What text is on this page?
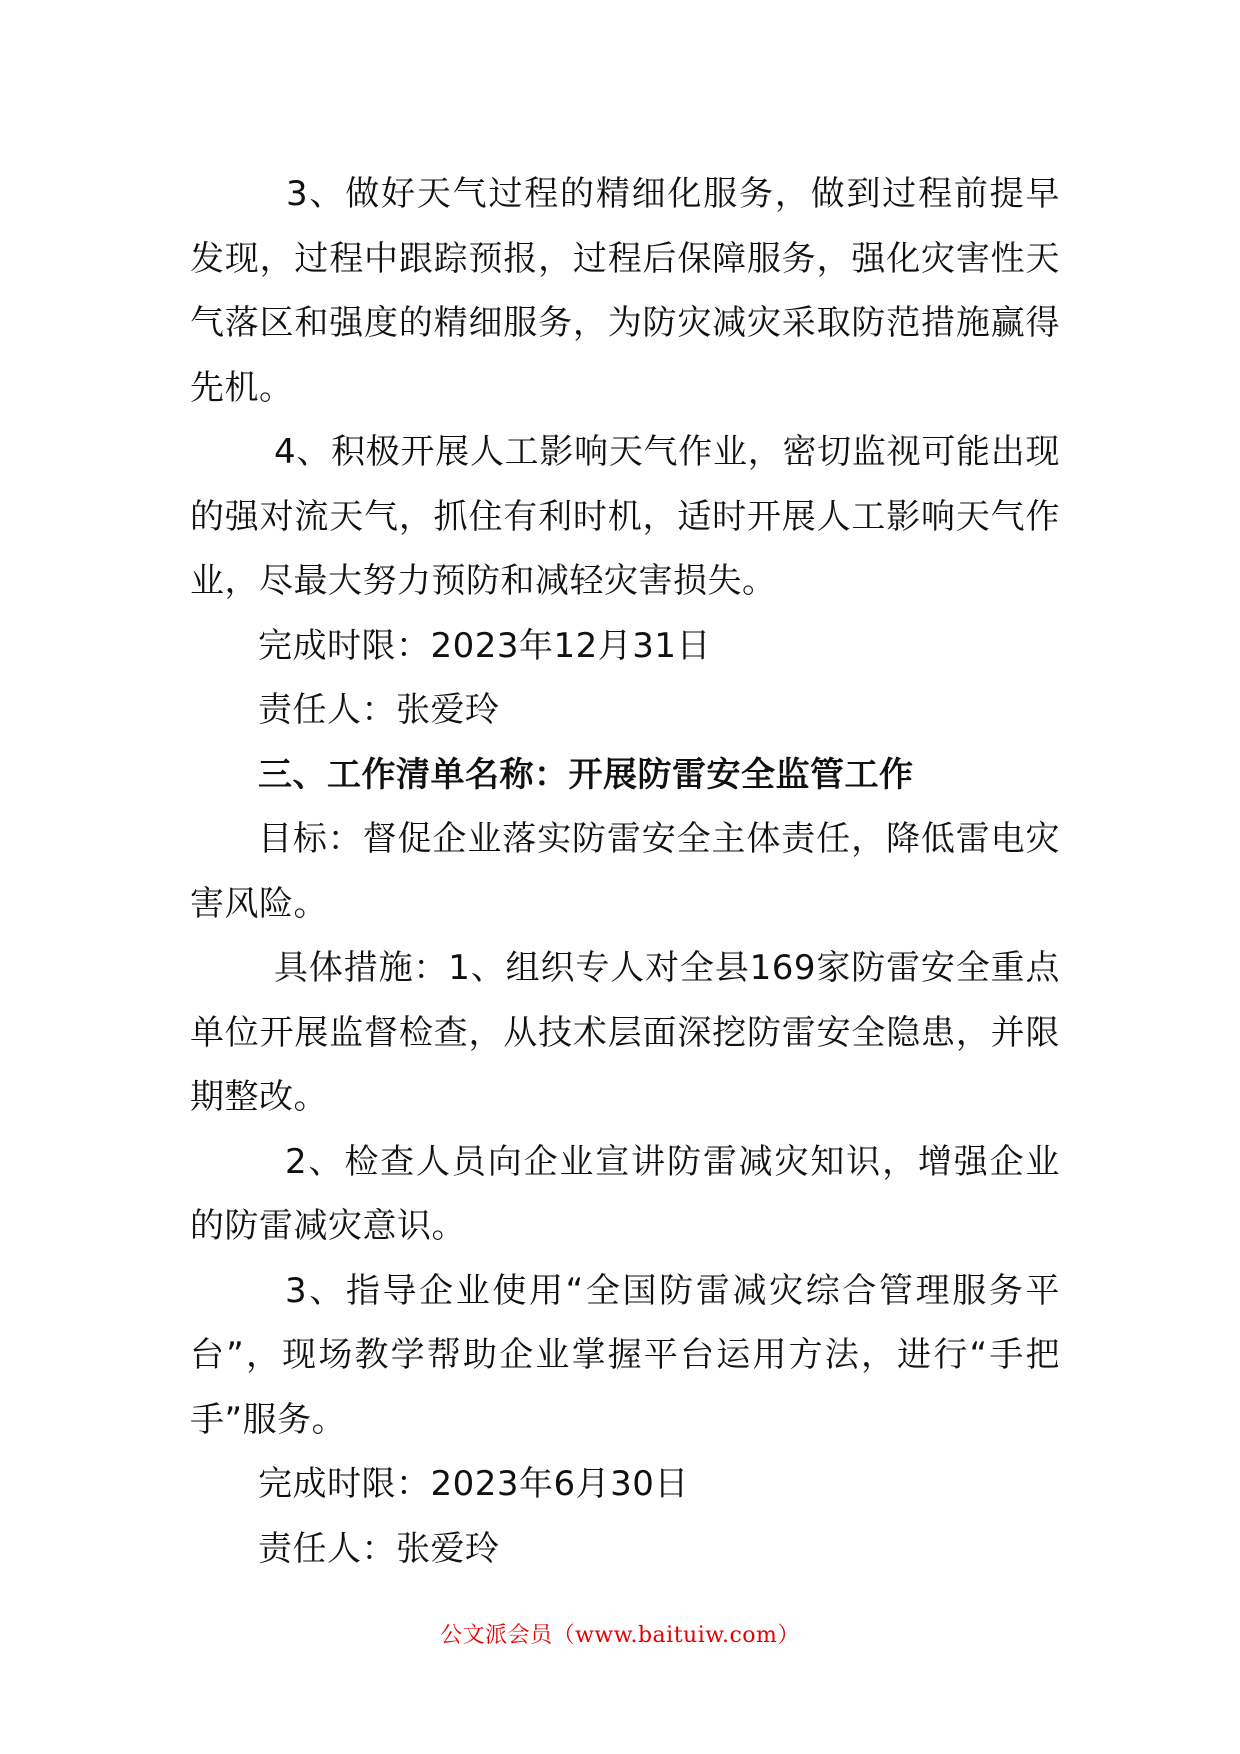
3、做好天气过程的精细化服务，做到过程前提早发现，过程中跟踪预报，过程后保障服务，强化灾害性天气落区和强度的精细服务，为防灾减灾采取防范措施赢得先机。

4、积极开展人工影响天气作业，密切监视可能出现的强对流天气，抓住有利时机，适时开展人工影响天气作业，尽最大努力预防和减轻灾害损失。

完成时限：2023年12月31日

责任人：张爱玲

三、工作清单名称：开展防雷安全监管工作

目标：督促企业落实防雷安全主体责任，降低雷电灾害风险。

具体措施：1、组织专人对全县169家防雷安全重点单位开展监督检查，从技术层面深挖防雷安全隐患，并限期整改。

2、检查人员向企业宣讲防雷减灾知识，增强企业的防雷减灾意识。

3、指导企业使用“全国防雷减灾综合管理服务平台”，现场教学帮助企业掌握平台运用方法，进行“手把手”服务。

完成时限：2023年6月30日

责任人：张爱玲

公文派会员（www.baituiw.com）
